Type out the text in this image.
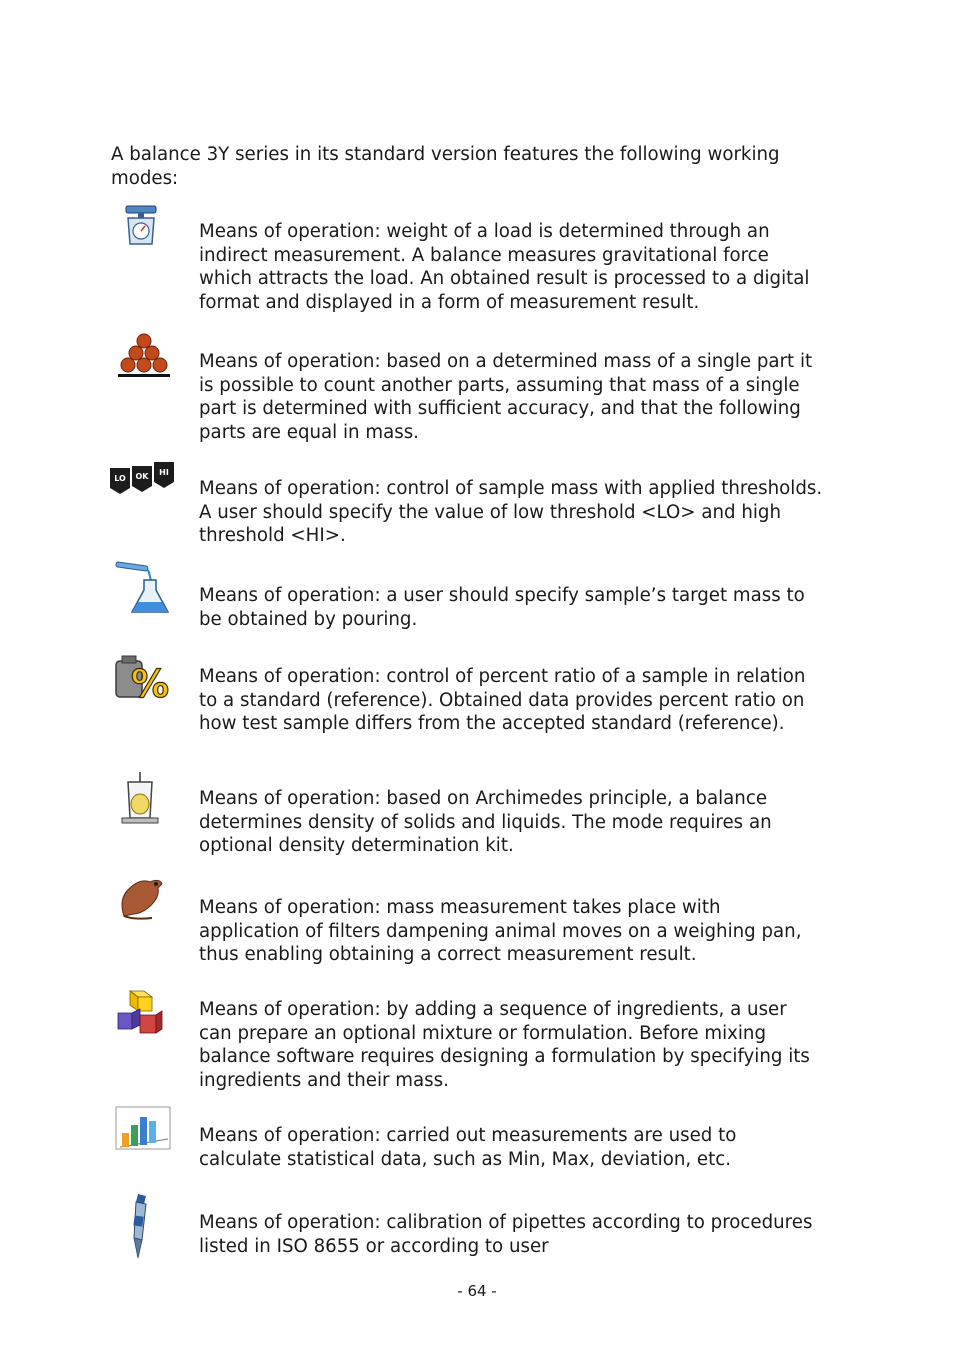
A balance 3Y series in its standard version features the following working modes:

Means of operation: weight of a load is determined through an indirect measurement. A balance measures gravitational force which attracts the load. An obtained result is processed to a digital format and displayed in a form of measurement result.

Means of operation: based on a determined mass of a single part it is possible to count another parts, assuming that mass of a single part is determined with sufficient accuracy, and that the following parts are equal in mass.

LO OK HI

Means of operation: control of sample mass with applied thresholds. A user should specify the value of low threshold <LO> and high threshold <HI>.

Means of operation: a user should specify sample’s target mass to be obtained by pouring.

% Means of operation: control of percent ratio of a sample in relation to a standard (reference). Obtained data provides percent ratio on how test sample differs from the accepted standard (reference).

Means of operation: based on Archimedes principle, a balance determines density of solids and liquids. The mode requires an optional density determination kit.

Means of operation: mass measurement takes place with application of filters dampening animal moves on a weighing pan, thus enabling obtaining a correct measurement result.

Means of operation: by adding a sequence of ingredients, a user can prepare an optional mixture or formulation. Before mixing balance software requires designing a formulation by specifying its ingredients and their mass.

Means of operation: carried out measurements are used to calculate statistical data, such as Min, Max, deviation, etc.

Means of operation: calibration of pipettes according to procedures listed in ISO 8655 or according to user

- 64 -
